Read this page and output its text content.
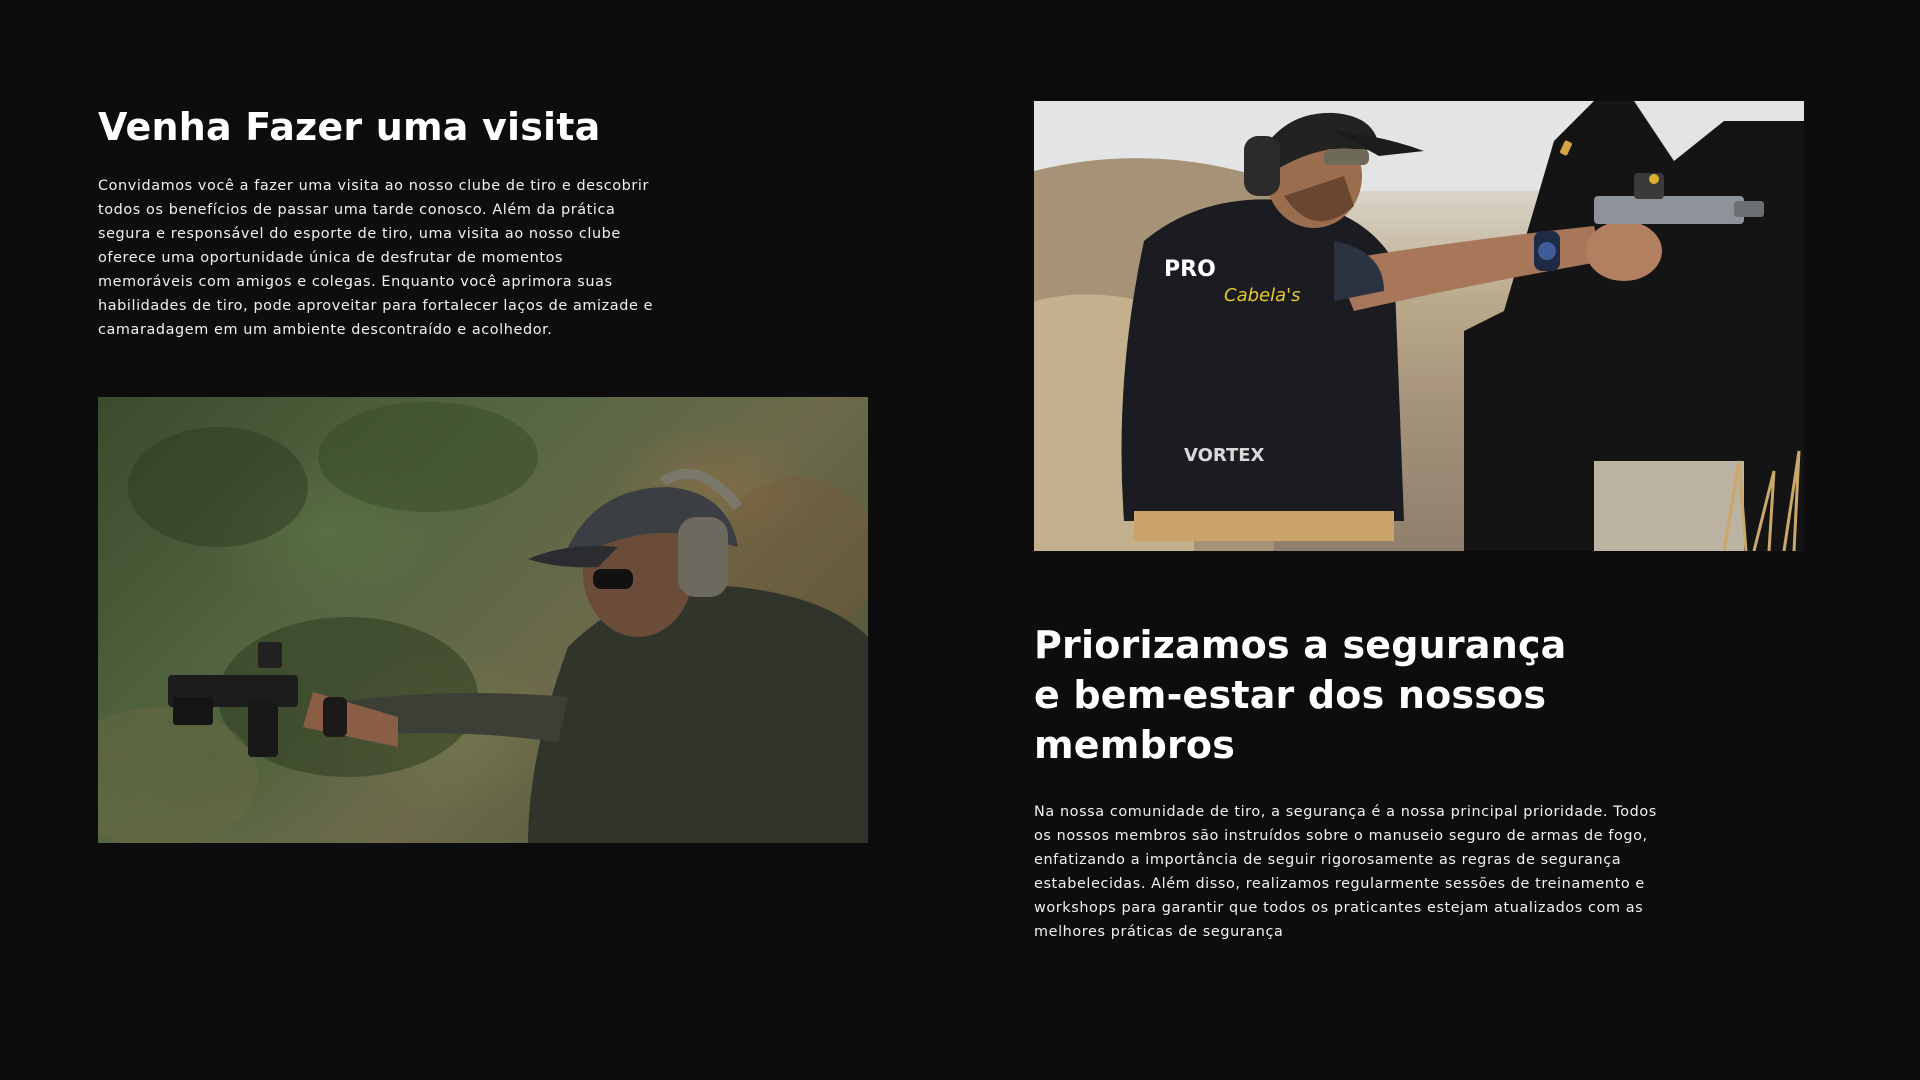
Venha Fazer uma visita

Convidamos você a fazer uma visita ao nosso clube de tiro e descobrir todos os benefícios de passar uma tarde conosco. Além da prática segura e responsável do esporte de tiro, uma visita ao nosso clube oferece uma oportunidade única de desfrutar de momentos memoráveis com amigos e colegas. Enquanto você aprimora suas habilidades de tiro, pode aproveitar para fortalecer laços de amizade e camaradagem em um ambiente descontraído e acolhedor.

PRO
Cabela's
VORTEX
Priorizamos a segurança e bem-estar dos nossos membros

Na nossa comunidade de tiro, a segurança é a nossa principal prioridade. Todos os nossos membros são instruídos sobre o manuseio seguro de armas de fogo, enfatizando a importância de seguir rigorosamente as regras de segurança estabelecidas. Além disso, realizamos regularmente sessões de treinamento e workshops para garantir que todos os praticantes estejam atualizados com as melhores práticas de segurança
